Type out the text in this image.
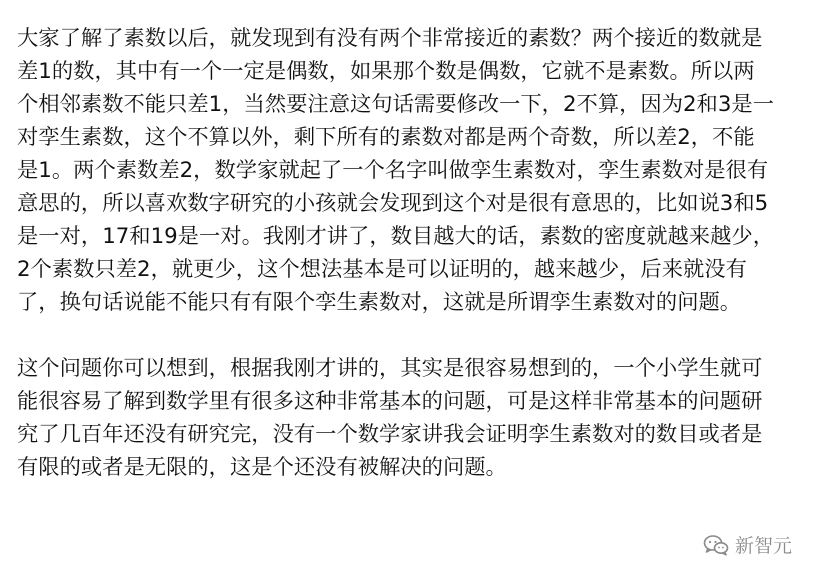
大家了解了素数以后，就发现到有没有两个非常接近的素数？两个接近的数就是
差1的数，其中有一个一定是偶数，如果那个数是偶数，它就不是素数。所以两
个相邻素数不能只差1，当然要注意这句话需要修改一下，2不算，因为2和3是一
对孪生素数，这个不算以外，剩下所有的素数对都是两个奇数，所以差2，不能
是1。两个素数差2，数学家就起了一个名字叫做孪生素数对，孪生素数对是很有
意思的，所以喜欢数字研究的小孩就会发现到这个对是很有意思的，比如说3和5
是一对，17和19是一对。我刚才讲了，数目越大的话，素数的密度就越来越少，
2个素数只差2，就更少，这个想法基本是可以证明的，越来越少，后来就没有
了，换句话说能不能只有有限个孪生素数对，这就是所谓孪生素数对的问题。
这个问题你可以想到，根据我刚才讲的，其实是很容易想到的，一个小学生就可
能很容易了解到数学里有很多这种非常基本的问题，可是这样非常基本的问题研
究了几百年还没有研究完，没有一个数学家讲我会证明孪生素数对的数目或者是
有限的或者是无限的，这是个还没有被解决的问题。
新智元
